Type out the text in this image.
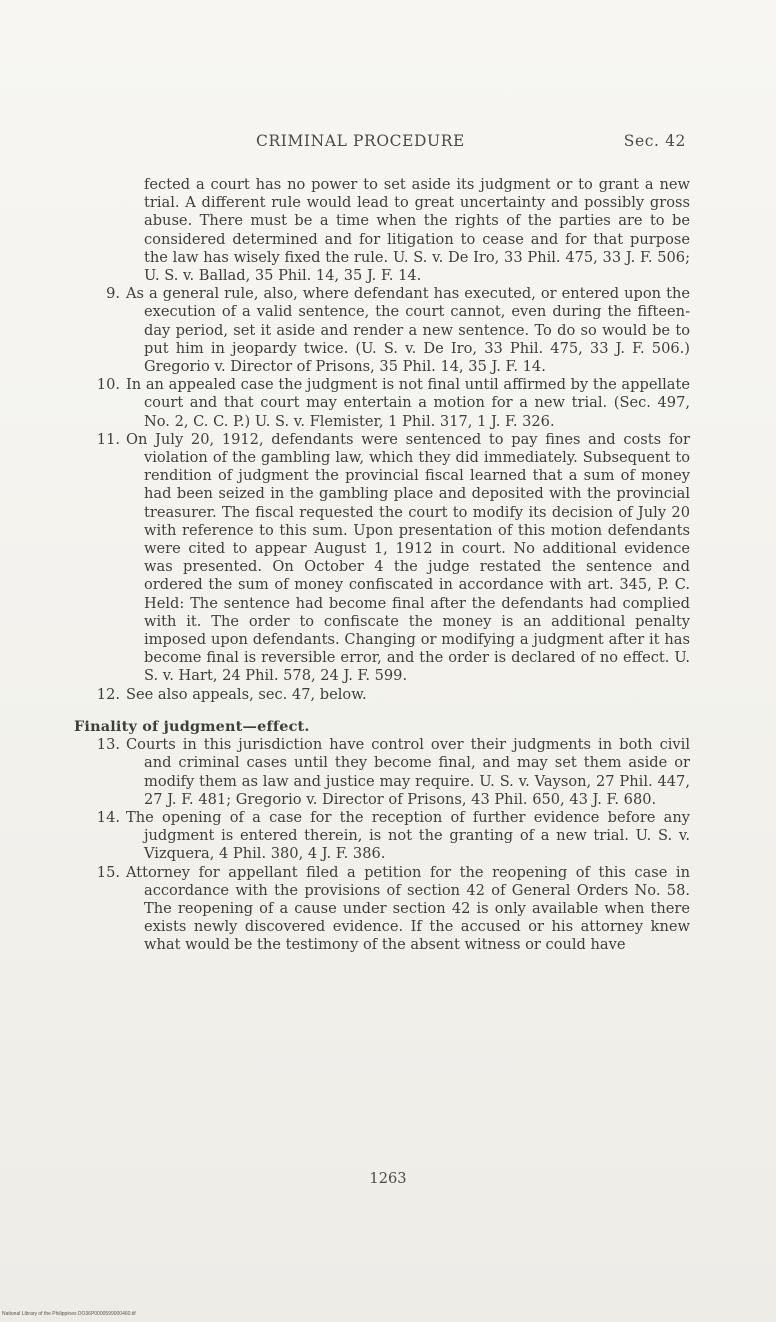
CRIMINAL PROCEDURE	Sec. 42

fected a court has no power to set aside its judgment or to grant a new trial. A different rule would lead to great uncertainty and possibly gross abuse. There must be a time when the rights of the parties are to be considered determined and for litigation to cease and for that purpose the law has wisely fixed the rule. U. S. v. De Iro, 33 Phil. 475, 33 J. F. 506; U. S. v. Ballad, 35 Phil. 14, 35 J. F. 14.

9. As a general rule, also, where defendant has executed, or entered upon the execution of a valid sentence, the court cannot, even during the fifteen-day period, set it aside and render a new sentence. To do so would be to put him in jeopardy twice. (U. S. v. De Iro, 33 Phil. 475, 33 J. F. 506.) Gregorio v. Director of Prisons, 35 Phil. 14, 35 J. F. 14.

10. In an appealed case the judgment is not final until affirmed by the appellate court and that court may entertain a motion for a new trial. (Sec. 497, No. 2, C. C. P.) U. S. v. Flemister, 1 Phil. 317, 1 J. F. 326.

11. On July 20, 1912, defendants were sentenced to pay fines and costs for violation of the gambling law, which they did immediately. Subsequent to rendition of judgment the provincial fiscal learned that a sum of money had been seized in the gambling place and deposited with the provincial treasurer. The fiscal requested the court to modify its decision of July 20 with reference to this sum. Upon presentation of this motion defendants were cited to appear August 1, 1912 in court. No additional evidence was presented. On October 4 the judge restated the sentence and ordered the sum of money confiscated in accordance with art. 345, P. C. Held: The sentence had become final after the defendants had complied with it. The order to confiscate the money is an additional penalty imposed upon defendants. Changing or modifying a judgment after it has become final is reversible error, and the order is declared of no effect. U. S. v. Hart, 24 Phil. 578, 24 J. F. 599.

12. See also appeals, sec. 47, below.

Finality of judgment—effect.

13. Courts in this jurisdiction have control over their judgments in both civil and criminal cases until they become final, and may set them aside or modify them as law and justice may require. U. S. v. Vayson, 27 Phil. 447, 27 J. F. 481; Gregorio v. Director of Prisons, 43 Phil. 650, 43 J. F. 680.

14. The opening of a case for the reception of further evidence before any judgment is entered therein, is not the granting of a new trial. U. S. v. Vizquera, 4 Phil. 380, 4 J. F. 386.

15. Attorney for appellant filed a petition for the reopening of this case in accordance with the provisions of section 42 of General Orders No. 58. The reopening of a cause under section 42 is only available when there exists newly discovered evidence. If the accused or his attorney knew what would be the testimony of the absent witness or could have

1263
National Library of the Philippines DO36P0000599000460.tif
